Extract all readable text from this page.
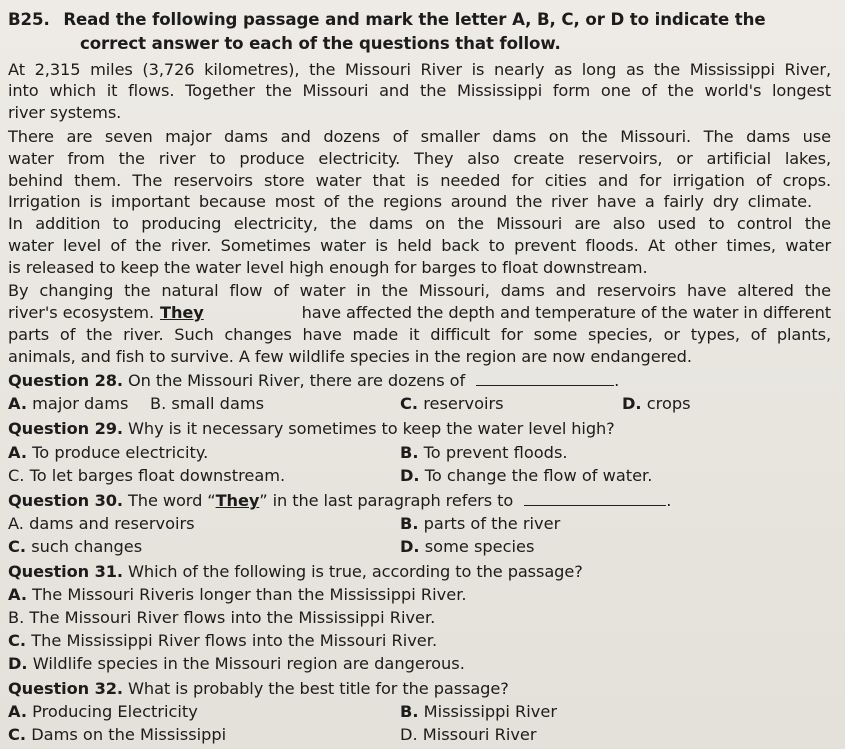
B25. Read the following passage and mark the letter A, B, C, or D to indicate the
correct answer to each of the questions that follow.
At 2,315 miles (3,726 kilometres), the Missouri River is nearly as long as the Mississippi River,
into which it flows. Together the Missouri and the Mississippi form one of the world's longest
river systems.
There are seven major dams and dozens of smaller dams on the Missouri. The dams use
water from the river to produce electricity. They also create reservoirs, or artificial lakes,
behind them. The reservoirs store water that is needed for cities and for irrigation of crops.
Irrigation is important because most of the regions around the river have a fairly dry climate.
In addition to producing electricity, the dams on the Missouri are also used to control the
water level of the river. Sometimes water is held back to prevent floods. At other times, water
is released to keep the water level high enough for barges to float downstream.
By changing the natural flow of water in the Missouri, dams and reservoirs have altered the
river's ecosystem. They	have affected the depth and temperature of the water in different
parts of the river. Such changes have made it difficult for some species, or types, of plants,
animals, and fish to survive. A few wildlife species in the region are now endangered.
Question 28. On the Missouri River, there are dozens of	.
A. major dams B. small dams	C. reservoirs	D. crops
Question 29. Why is it necessary sometimes to keep the water level high?
A. To produce electricity.	B. To prevent floods.
C. To let barges float downstream.	D. To change the flow of water.
Question 30. The word “They” in the last paragraph refers to	.
A. dams and reservoirs	B. parts of the river
C. such changes	D. some species
Question 31. Which of the following is true, according to the passage?
A. The Missouri Riveris longer than the Mississippi River.
B. The Missouri River flows into the Mississippi River.
C. The Mississippi River flows into the Missouri River.
D. Wildlife species in the Missouri region are dangerous.
Question 32. What is probably the best title for the passage?
A. Producing Electricity	B. Mississippi River
C. Dams on the Mississippi	D. Missouri River
